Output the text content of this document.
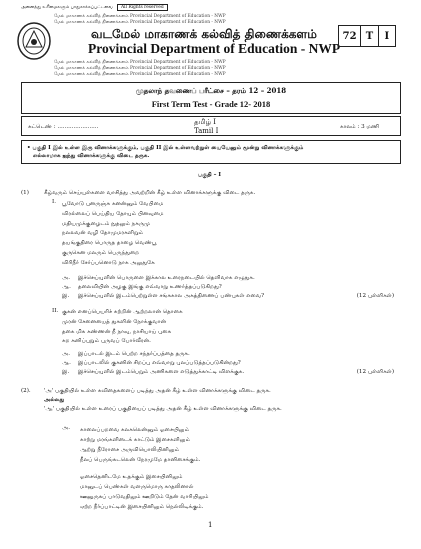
அனைத்து உரிமைகளும் பாதுகாக்கப்பட்டவை All Rights reserved
மேல் மாகாணக் கல்வித் திணைக்களம் Provincial Department of Education - NWP
மேல் மாகாணக் கல்வித் திணைக்களம் Provincial Department of Education - NWP
மேல் மாகாணக் கல்வித் திணைக்களம் Provincial Department of Education - NWP
மேல் மாகாணக் கல்வித் திணைக்களம் Provincial Department of Education - NWP
மேல் மாகாணக் கல்வித் திணைக்களம் Provincial Department of Education - NWP
வடமேல் மாகாணக் கல்வித் திணைக்களம்
Provincial Department of Education - NWP
72 T	I
முதலாந் தவணைப் பரீட்சை – தரம் 12 – 2018
First Term Test - Grade 12- 2018
சுட்டெண் : .......................
தமிழ் I
Tamil I	காலம் : 3 மணி
• பகுதி I இல் உள்ள இரு வினாக்களுக்கும், பகுதி II இல் உள்ளவற்றுள் யையேனும் மூன்று வினாக்களுக்கும்
எல்லாமாக ஐந்து வினாக்களுக்கு விடை தருக.
பகுதி – I
(1)	கீழ்வரும் செய்யுள்களை வாசித்து அவற்றின் கீழ் உள்ள வினாக்களுக்கு விடை தருக.
I. பூவோடு புனருஞ்சு கனன்னும் வேபிமை
விரல்லைப் பெய்திய தோயும் பினவுமை
மதியமுக்குழைடம் நுதலும் நகருமு
நலலவன் வழி தோமுமரகளிறும்
தயங்குதிரை பொருத தாழை வெண்பூ
குருகென மலரும் பெருந்துறை
விரிநீர் சேர்ப்பனொடு நாக அலுதுகே
அ. இச்செய்யுளின் பொருளை இக்கால உரைநடையில் தெளிவாக எழுதுக.
ஆ. தலைவியின் அழகு இங்கு எவ்வாறு உணர்த்தப்படுகிறது?
இ. இச்செய்யுளில் இடம்பெற்றுள்ள சங்ககால அகத்திணைப் பண்புகள் எவை?	(12 புள்ளிகள்)
II. குகன் எனப்பெயரிச் சுற்றின் ஆற்றலான் தொகை
முரன் சேனையைத் துகளின் நோக்குவான்
தகை மிக கண்ணன் நீ நாவு, நாசியாய் புகை
சுற சுனிப்புறும் புருவப் போர்வீரன்.
அ. இப்பாடல் இடம் பெற்ற சந்தர்ப்பத்தை தருக.
ஆ. இப்பாடலில் குகனின் சிறப்பு எவ்வாறு புலப்படுத்தப்படுகின்றது?
இ. இச்செய்யுளில் இடம்பெறும் அணிகளை எடுத்துக்காட்டி விளக்குக.	(12 புள்ளிகள்)
(2). 'அ' பகுதியில் உள்ள கவிதைகளைப் படித்து அதன் கீழ் உள்ள வினாக்களுக்கு விடை தருக.
அல்லது
'ஆ' பகுதியில் உள்ள உரைப் பகுதியைப் படித்து அதன் கீழ் உள்ள வினாக்களுக்கு விடை தருக.
அ. காலைப்பறவை கலகலென்னும் ஓசையிலும்
காற்று மரங்களிடைக் காட்டும் இசைகளிலும்
ஆற்று நீரோசை அருவியொலியினிலும்
நீலப் பெருங்கடலென் நேரமுமே தானிசைக்கும்.
ஓசைதெனிடமே உதக்கும் இசையினிலும்
மானுடப் பெண்கள் வளருமொரு காதலினால்
ஊனுருகப் பாடுவதிலும் ஊறிடும் தேன் வாரியிலும்
ஏற்ற நீர்ப்பாட்டின் இசையினிலும் நெல்லிடிக்கும்.
1
